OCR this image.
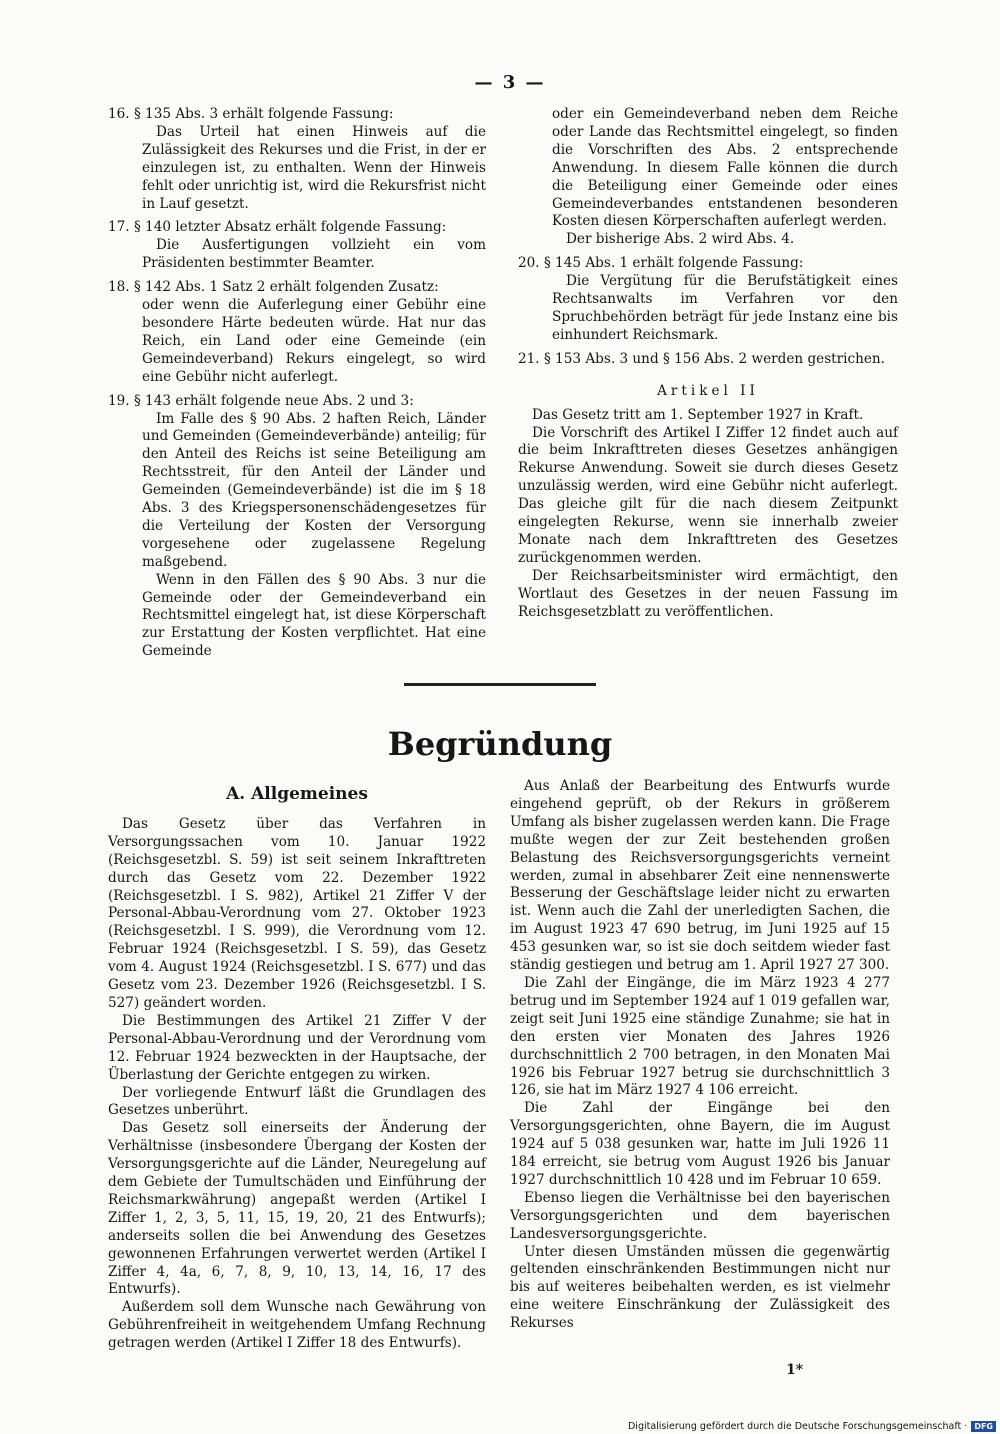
— 3 —

16. § 135 Abs. 3 erhält folgende Fassung:

Das Urteil hat einen Hinweis auf die Zulässigkeit des Rekurses und die Frist, in der er einzulegen ist, zu enthalten. Wenn der Hinweis fehlt oder unrichtig ist, wird die Rekursfrist nicht in Lauf gesetzt.

17. § 140 letzter Absatz erhält folgende Fassung:

Die Ausfertigungen vollzieht ein vom Präsidenten bestimmter Beamter.

18. § 142 Abs. 1 Satz 2 erhält folgenden Zusatz:

oder wenn die Auferlegung einer Gebühr eine besondere Härte bedeuten würde. Hat nur das Reich, ein Land oder eine Gemeinde (ein Gemeindeverband) Rekurs eingelegt, so wird eine Gebühr nicht auferlegt.

19. § 143 erhält folgende neue Abs. 2 und 3:

Im Falle des § 90 Abs. 2 haften Reich, Länder und Gemeinden (Gemeindeverbände) anteilig; für den Anteil des Reichs ist seine Beteiligung am Rechtsstreit, für den Anteil der Länder und Gemeinden (Gemeindeverbände) ist die im § 18 Abs. 3 des Kriegspersonenschädengesetzes für die Verteilung der Kosten der Versorgung vorgesehene oder zugelassene Regelung maßgebend.

Wenn in den Fällen des § 90 Abs. 3 nur die Gemeinde oder der Gemeindeverband ein Rechtsmittel eingelegt hat, ist diese Körperschaft zur Erstattung der Kosten verpflichtet. Hat eine Gemeinde

oder ein Gemeindeverband neben dem Reiche oder Lande das Rechtsmittel eingelegt, so finden die Vorschriften des Abs. 2 entsprechende Anwendung. In diesem Falle können die durch die Beteiligung einer Gemeinde oder eines Gemeindeverbandes entstandenen besonderen Kosten diesen Körperschaften auferlegt werden.

Der bisherige Abs. 2 wird Abs. 4.

20. § 145 Abs. 1 erhält folgende Fassung:

Die Vergütung für die Berufstätigkeit eines Rechtsanwalts im Verfahren vor den Spruchbehörden beträgt für jede Instanz eine bis einhundert Reichsmark.

21. § 153 Abs. 3 und § 156 Abs. 2 werden gestrichen.

Artikel II

Das Gesetz tritt am 1. September 1927 in Kraft.

Die Vorschrift des Artikel I Ziffer 12 findet auch auf die beim Inkrafttreten dieses Gesetzes anhängigen Rekurse Anwendung. Soweit sie durch dieses Gesetz unzulässig werden, wird eine Gebühr nicht auferlegt. Das gleiche gilt für die nach diesem Zeitpunkt eingelegten Rekurse, wenn sie innerhalb zweier Monate nach dem Inkrafttreten des Gesetzes zurückgenommen werden.

Der Reichsarbeitsminister wird ermächtigt, den Wortlaut des Gesetzes in der neuen Fassung im Reichsgesetzblatt zu veröffentlichen.

Begründung

A. Allgemeines

Das Gesetz über das Verfahren in Versorgungssachen vom 10. Januar 1922 (Reichsgesetzbl. S. 59) ist seit seinem Inkrafttreten durch das Gesetz vom 22. Dezember 1922 (Reichsgesetzbl. I S. 982), Artikel 21 Ziffer V der Personal-Abbau-Verordnung vom 27. Oktober 1923 (Reichsgesetzbl. I S. 999), die Verordnung vom 12. Februar 1924 (Reichsgesetzbl. I S. 59), das Gesetz vom 4. August 1924 (Reichsgesetzbl. I S. 677) und das Gesetz vom 23. Dezember 1926 (Reichsgesetzbl. I S. 527) geändert worden.

Die Bestimmungen des Artikel 21 Ziffer V der Personal-Abbau-Verordnung und der Verordnung vom 12. Februar 1924 bezweckten in der Hauptsache, der Überlastung der Gerichte entgegen zu wirken.

Der vorliegende Entwurf läßt die Grundlagen des Gesetzes unberührt.

Das Gesetz soll einerseits der Änderung der Verhältnisse (insbesondere Übergang der Kosten der Versorgungsgerichte auf die Länder, Neuregelung auf dem Gebiete der Tumultschäden und Einführung der Reichsmarkwährung) angepaßt werden (Artikel I Ziffer 1, 2, 3, 5, 11, 15, 19, 20, 21 des Entwurfs); anderseits sollen die bei Anwendung des Gesetzes gewonnenen Erfahrungen verwertet werden (Artikel I Ziffer 4, 4a, 6, 7, 8, 9, 10, 13, 14, 16, 17 des Entwurfs).

Außerdem soll dem Wunsche nach Gewährung von Gebührenfreiheit in weitgehendem Umfang Rechnung getragen werden (Artikel I Ziffer 18 des Entwurfs).

Aus Anlaß der Bearbeitung des Entwurfs wurde eingehend geprüft, ob der Rekurs in größerem Umfang als bisher zugelassen werden kann. Die Frage mußte wegen der zur Zeit bestehenden großen Belastung des Reichsversorgungsgerichts verneint werden, zumal in absehbarer Zeit eine nennenswerte Besserung der Geschäftslage leider nicht zu erwarten ist. Wenn auch die Zahl der unerledigten Sachen, die im August 1923 47 690 betrug, im Juni 1925 auf 15 453 gesunken war, so ist sie doch seitdem wieder fast ständig gestiegen und betrug am 1. April 1927 27 300.

Die Zahl der Eingänge, die im März 1923 4 277 betrug und im September 1924 auf 1 019 gefallen war, zeigt seit Juni 1925 eine ständige Zunahme; sie hat in den ersten vier Monaten des Jahres 1926 durchschnittlich 2 700 betragen, in den Monaten Mai 1926 bis Februar 1927 betrug sie durchschnittlich 3 126, sie hat im März 1927 4 106 erreicht.

Die Zahl der Eingänge bei den Versorgungsgerichten, ohne Bayern, die im August 1924 auf 5 038 gesunken war, hatte im Juli 1926 11 184 erreicht, sie betrug vom August 1926 bis Januar 1927 durchschnittlich 10 428 und im Februar 10 659.

Ebenso liegen die Verhältnisse bei den bayerischen Versorgungsgerichten und dem bayerischen Landesversorgungsgerichte.

Unter diesen Umständen müssen die gegenwärtig geltenden einschränkenden Bestimmungen nicht nur bis auf weiteres beibehalten werden, es ist vielmehr eine weitere Einschränkung der Zulässigkeit des Rekurses

1*
Digitalisierung gefördert durch die Deutsche Forschungsgemeinschaft · DFG
